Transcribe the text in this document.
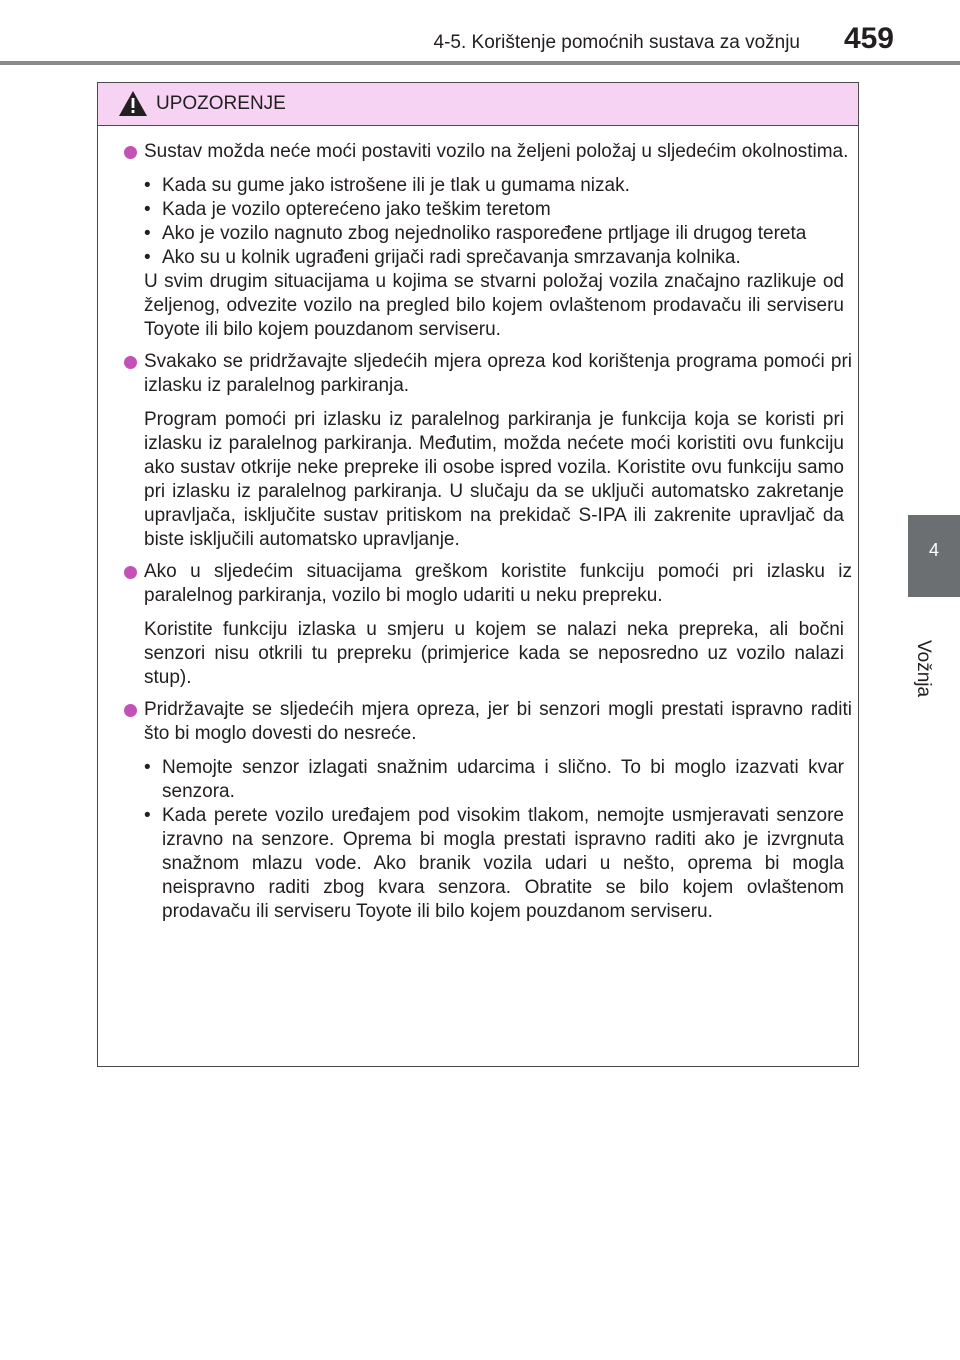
4-5. Korištenje pomoćnih sustava za vožnju	459
4
Vožnja
UPOZORENJE
Sustav možda neće moći postaviti vozilo na željeni položaj u sljedećim okolnostima.
• Kada su gume jako istrošene ili je tlak u gumama nizak.
• Kada je vozilo opterećeno jako teškim teretom
• Ako je vozilo nagnuto zbog nejednoliko raspoređene prtljage ili drugog tereta
• Ako su u kolnik ugrađeni grijači radi sprečavanja smrzavanja kolnika.
U svim drugim situacijama u kojima se stvarni položaj vozila značajno razlikuje od željenog, odvezite vozilo na pregled bilo kojem ovlaštenom prodavaču ili serviseru Toyote ili bilo kojem pouzdanom serviseru.
Svakako se pridržavajte sljedećih mjera opreza kod korištenja programa pomoći pri izlasku iz paralelnog parkiranja.
Program pomoći pri izlasku iz paralelnog parkiranja je funkcija koja se koristi pri izlasku iz paralelnog parkiranja. Međutim, možda nećete moći koristiti ovu funkciju ako sustav otkrije neke prepreke ili osobe ispred vozila. Koristite ovu funkciju samo pri izlasku iz paralelnog parkiranja. U slučaju da se uključi automatsko zakretanje upravljača, isključite sustav pritiskom na prekidač S-IPA ili zakrenite upravljač da biste isključili automatsko upravljanje.
Ako u sljedećim situacijama greškom koristite funkciju pomoći pri izlasku iz paralelnog parkiranja, vozilo bi moglo udariti u neku prepreku.
Koristite funkciju izlaska u smjeru u kojem se nalazi neka prepreka, ali bočni senzori nisu otkrili tu prepreku (primjerice kada se neposredno uz vozilo nalazi stup).
Pridržavajte se sljedećih mjera opreza, jer bi senzori mogli prestati ispravno raditi što bi moglo dovesti do nesreće.
• Nemojte senzor izlagati snažnim udarcima i slično. To bi moglo izazvati kvar senzora.
• Kada perete vozilo uređajem pod visokim tlakom, nemojte usmjeravati senzore izravno na senzore. Oprema bi mogla prestati ispravno raditi ako je izvrgnuta snažnom mlazu vode. Ako branik vozila udari u nešto, oprema bi mogla neispravno raditi zbog kvara senzora. Obratite se bilo kojem ovlaštenom prodavaču ili serviseru Toyote ili bilo kojem pouzdanom serviseru.
